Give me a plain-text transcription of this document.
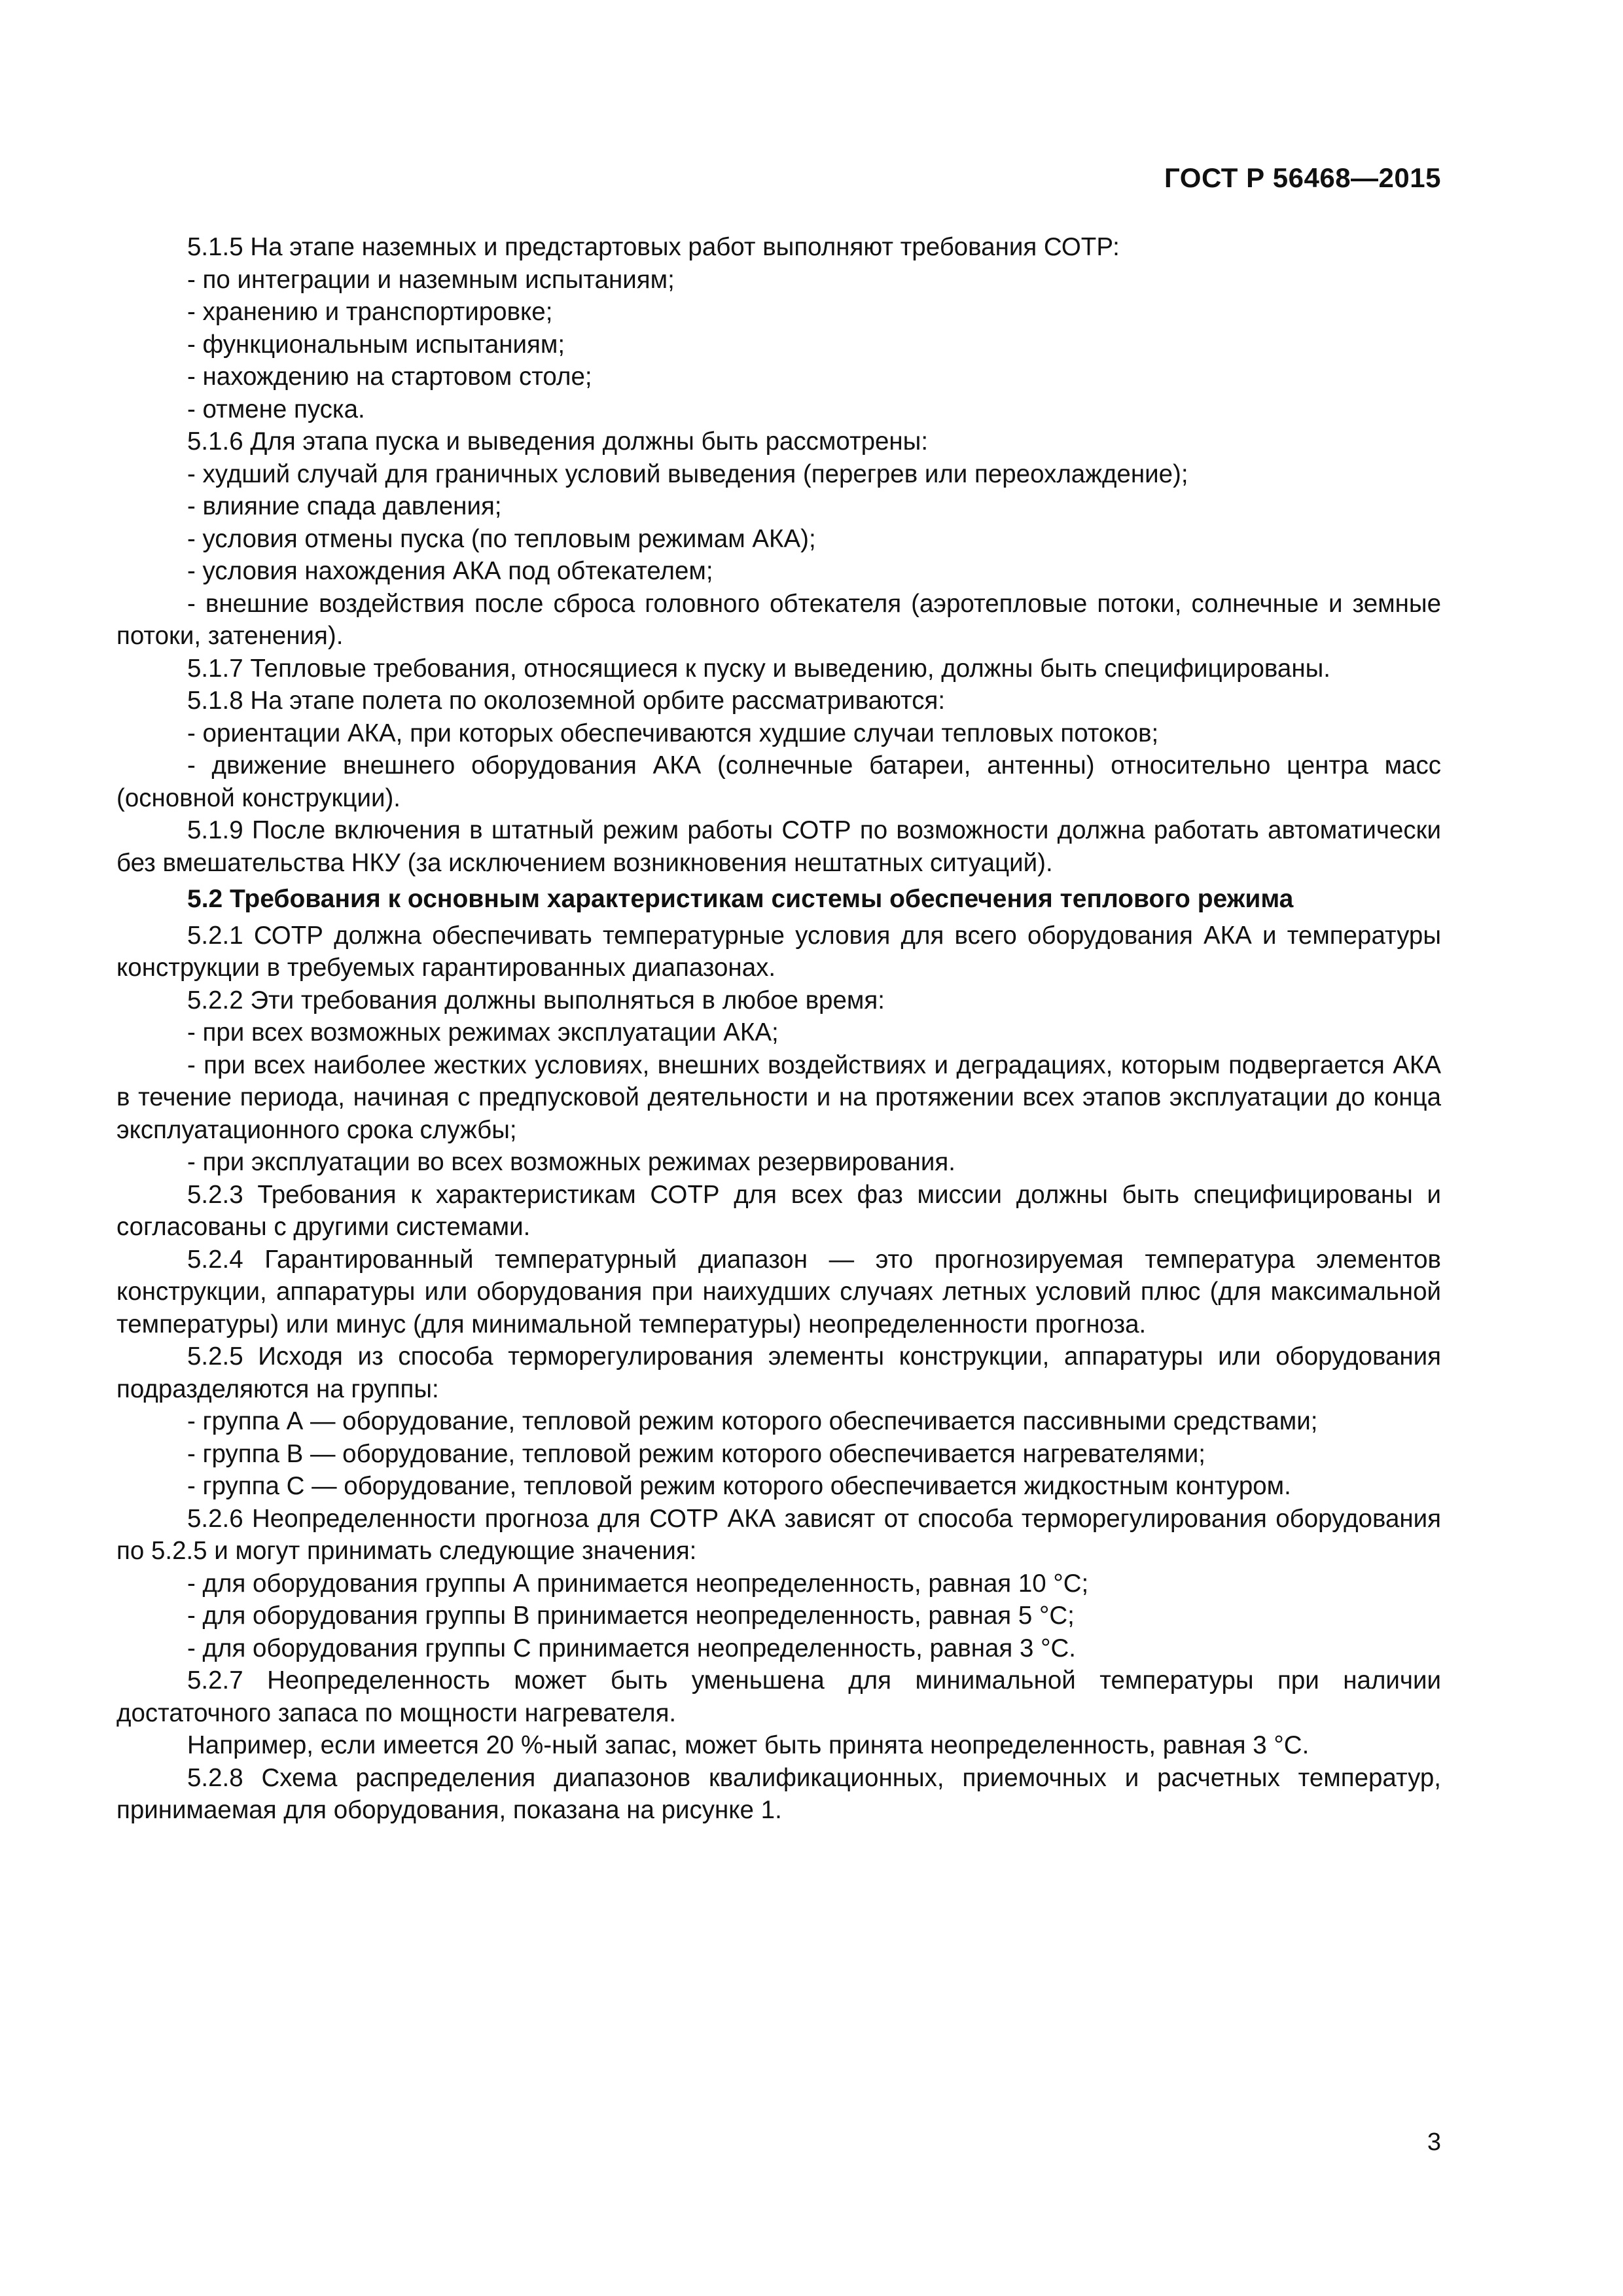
ГОСТ Р 56468—2015

5.1.5 На этапе наземных и предстартовых работ выполняют требования СОТР:

- по интеграции и наземным испытаниям;

- хранению и транспортировке;

- функциональным испытаниям;

- нахождению на стартовом столе;

- отмене пуска.

5.1.6 Для этапа пуска и выведения должны быть рассмотрены:

- худший случай для граничных условий выведения (перегрев или переохлаждение);

- влияние спада давления;

- условия отмены пуска (по тепловым режимам АКА);

- условия нахождения АКА под обтекателем;

- внешние воздействия после сброса головного обтекателя (аэротепловые потоки, солнечные и земные потоки, затенения).

5.1.7 Тепловые требования, относящиеся к пуску и выведению, должны быть специфицированы.

5.1.8 На этапе полета по околоземной орбите рассматриваются:

- ориентации АКА, при которых обеспечиваются худшие случаи тепловых потоков;

- движение внешнего оборудования АКА (солнечные батареи, антенны) относительно центра масс (основной конструкции).

5.1.9 После включения в штатный режим работы СОТР по возможности должна работать автоматически без вмешательства НКУ (за исключением возникновения нештатных ситуаций).

5.2 Требования к основным характеристикам системы обеспечения теплового режима

5.2.1 СОТР должна обеспечивать температурные условия для всего оборудования АКА и температуры конструкции в требуемых гарантированных диапазонах.

5.2.2 Эти требования должны выполняться в любое время:

- при всех возможных режимах эксплуатации АКА;

- при всех наиболее жестких условиях, внешних воздействиях и деградациях, которым подвергается АКА в течение периода, начиная с предпусковой деятельности и на протяжении всех этапов эксплуатации до конца эксплуатационного срока службы;

- при эксплуатации во всех возможных режимах резервирования.

5.2.3 Требования к характеристикам СОТР для всех фаз миссии должны быть специфицированы и согласованы с другими системами.

5.2.4 Гарантированный температурный диапазон — это прогнозируемая температура элементов конструкции, аппаратуры или оборудования при наихудших случаях летных условий плюс (для максимальной температуры) или минус (для минимальной температуры) неопределенности прогноза.

5.2.5 Исходя из способа терморегулирования элементы конструкции, аппаратуры или оборудования подразделяются на группы:

- группа А — оборудование, тепловой режим которого обеспечивается пассивными средствами;

- группа В — оборудование, тепловой режим которого обеспечивается нагревателями;

- группа С — оборудование, тепловой режим которого обеспечивается жидкостным контуром.

5.2.6 Неопределенности прогноза для СОТР АКА зависят от способа терморегулирования оборудования по 5.2.5 и могут принимать следующие значения:

- для оборудования группы А принимается неопределенность, равная 10 °С;

- для оборудования группы В принимается неопределенность, равная 5 °С;

- для оборудования группы С принимается неопределенность, равная 3 °С.

5.2.7 Неопределенность может быть уменьшена для минимальной температуры при наличии достаточного запаса по мощности нагревателя.

Например, если имеется 20 %-ный запас, может быть принята неопределенность, равная 3 °С.

5.2.8 Схема распределения диапазонов квалификационных, приемочных и расчетных температур, принимаемая для оборудования, показана на рисунке 1.

3
